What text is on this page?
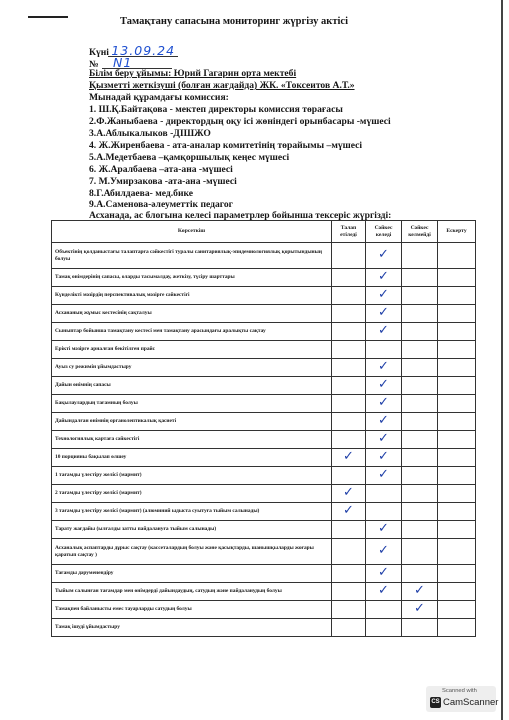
Тамақтану сапасына мониторинг жүргізу актісі
Күні 13.09.24
№ N1
Білім беру ұйымы: Юрий Гагарин орта мектебі
Қызметті жеткізуші (болған жағдайда) ЖК. «Токсеитов А.Т.»
Мынадай құрамдағы комиссия:
1. Ш.Қ.Байтақова - мектеп директоры комиссия төрағасы
2.Ф.Жаныбаева - директордың оқу ісі жөніндегі орынбасары -мүшесі
3.А.Аблыкалыков -ДІШЖО
4. Ж.Жиренбаева - ата-аналар комитетінің төрайымы –мүшесі
5.А.Медетбаева –қамқоршылық кеңес мүшесі
6. Ж.Аралбаева –ата-ана -мүшесі
7. М.Умирзакова -ата-ана -мүшесі
8.Г.Абилдаева- мед.бике
9.А.Саменова-әлеуметтік педагог
Асханада, ас блогына келесі параметрлер бойынша тексеріс жүргізді:
Көрсеткіш	Талап етіледі	Сәйкес келеді	Сәйкес келмейді	Ескерту
Объектінің қолданыстағы талаптарға сәйкестігі туралы санитариялық-эпидемиологиялық қорытындының болуы		✓		
Тамақ өнімдерінің сапасы, оларды тасымалдау, жеткізу, түсіру шарттары		✓		
Күнделікті мәзірдің перспективалық мәзірге сәйкестігі		✓		
Асхананың жұмыс кестесінің сақталуы		✓		
Сыныптар бойынша тамақтану кестесі мен тамақтану арасындағы аралықты сақтау		✓		
Ерікті мәзірге арналған бекітілген прайс				
Ауыз су режимін ұйымдастыру		✓		
Дайын өнімнің сапасы		✓		
Бақылаулардың тағамның болуы		✓		
Дайындалған өнімнің органолептикалық қасиеті		✓		
Технологиялық картаға сәйкестігі		✓		
10 порцияны бақылап өлшеу	✓	✓		
1 тағамды үлестіру желісі (мармит)		✓		
2 тағамды үлестіру желісі (мармит)	✓			
3 тағамды үлестіру желісі (мармит) (алюминий ыдыста суытуға тыйым салынады)	✓			
Тарату жағдайы (ылғалды затты пайдалануға тыйым салынады)		✓		
Асханалық аспаптарды дұрыс сақтау (кассеталардың болуы және қасықтарды, шанышқыларды жоғары қаратып сақтау )		✓		
Тағамды дәруменендіру		✓		
Тыйым салынған тағамдар мен өнімдерді дайындаудың, сатудың және пайдаланудың болуы		✓	✓	
Тамақпен байланысты емес тауарларды сатудың болуы			✓	
Тамақ ішуді ұйымдастыру				
Scanned with
CS CamScanner
